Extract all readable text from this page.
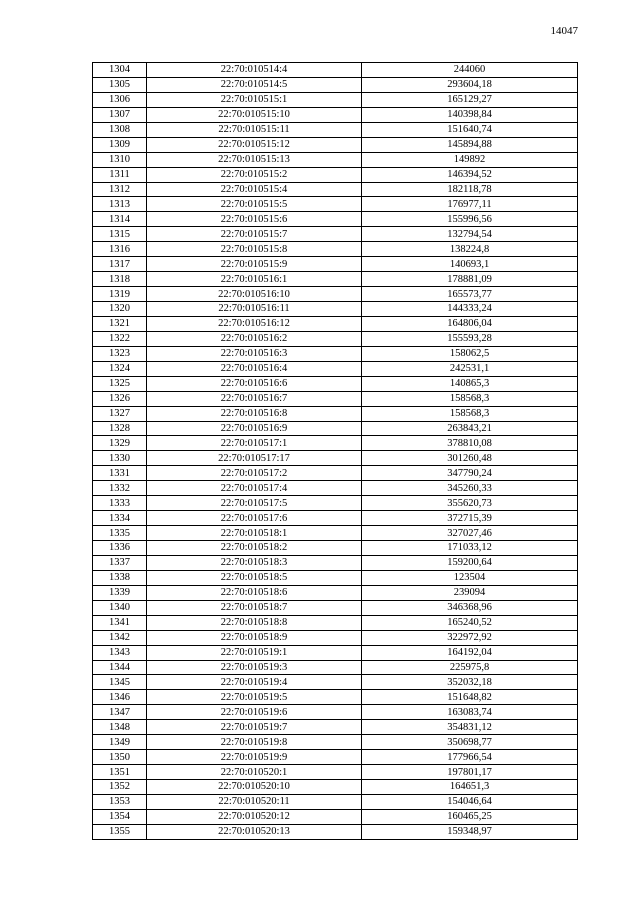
14047
1304	22:70:010514:4	244060
1305	22:70:010514:5	293604,18
1306	22:70:010515:1	165129,27
1307	22:70:010515:10	140398,84
1308	22:70:010515:11	151640,74
1309	22:70:010515:12	145894,88
1310	22:70:010515:13	149892
1311	22:70:010515:2	146394,52
1312	22:70:010515:4	182118,78
1313	22:70:010515:5	176977,11
1314	22:70:010515:6	155996,56
1315	22:70:010515:7	132794,54
1316	22:70:010515:8	138224,8
1317	22:70:010515:9	140693,1
1318	22:70:010516:1	178881,09
1319	22:70:010516:10	165573,77
1320	22:70:010516:11	144333,24
1321	22:70:010516:12	164806,04
1322	22:70:010516:2	155593,28
1323	22:70:010516:3	158062,5
1324	22:70:010516:4	242531,1
1325	22:70:010516:6	140865,3
1326	22:70:010516:7	158568,3
1327	22:70:010516:8	158568,3
1328	22:70:010516:9	263843,21
1329	22:70:010517:1	378810,08
1330	22:70:010517:17	301260,48
1331	22:70:010517:2	347790,24
1332	22:70:010517:4	345260,33
1333	22:70:010517:5	355620,73
1334	22:70:010517:6	372715,39
1335	22:70:010518:1	327027,46
1336	22:70:010518:2	171033,12
1337	22:70:010518:3	159200,64
1338	22:70:010518:5	123504
1339	22:70:010518:6	239094
1340	22:70:010518:7	346368,96
1341	22:70:010518:8	165240,52
1342	22:70:010518:9	322972,92
1343	22:70:010519:1	164192,04
1344	22:70:010519:3	225975,8
1345	22:70:010519:4	352032,18
1346	22:70:010519:5	151648,82
1347	22:70:010519:6	163083,74
1348	22:70:010519:7	354831,12
1349	22:70:010519:8	350698,77
1350	22:70:010519:9	177966,54
1351	22:70:010520:1	197801,17
1352	22:70:010520:10	164651,3
1353	22:70:010520:11	154046,64
1354	22:70:010520:12	160465,25
1355	22:70:010520:13	159348,97
